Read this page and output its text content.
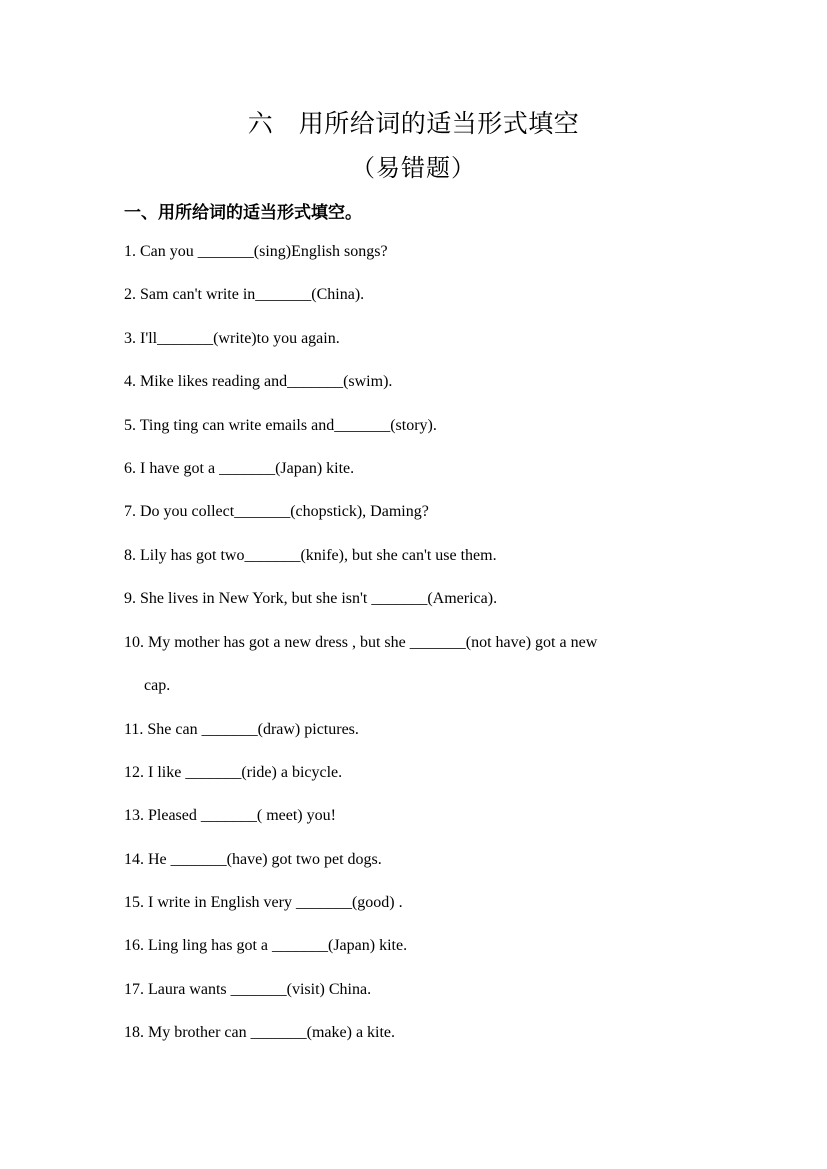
六　用所给词的适当形式填空
（易错题）
一、用所给词的适当形式填空。
1. Can you _______(sing)English songs?
2. Sam can't write in_______(China).
3. I'll_______(write)to you again.
4. Mike likes reading and_______(swim).
5. Ting ting can write emails and_______(story).
6. I have got a _______(Japan) kite.
7. Do you collect_______(chopstick), Daming?
8. Lily has got two_______(knife), but she can't use them.
9. She lives in New York, but she isn't _______(America).
10. My mother has got a new dress , but she _______(not have) got a new
cap.
11. She can _______(draw) pictures.
12. I like _______(ride) a bicycle.
13. Pleased _______( meet) you!
14. He _______(have) got two pet dogs.
15. I write in English very _______(good) .
16. Ling ling has got a _______(Japan) kite.
17. Laura wants _______(visit) China.
18. My brother can _______(make) a kite.
